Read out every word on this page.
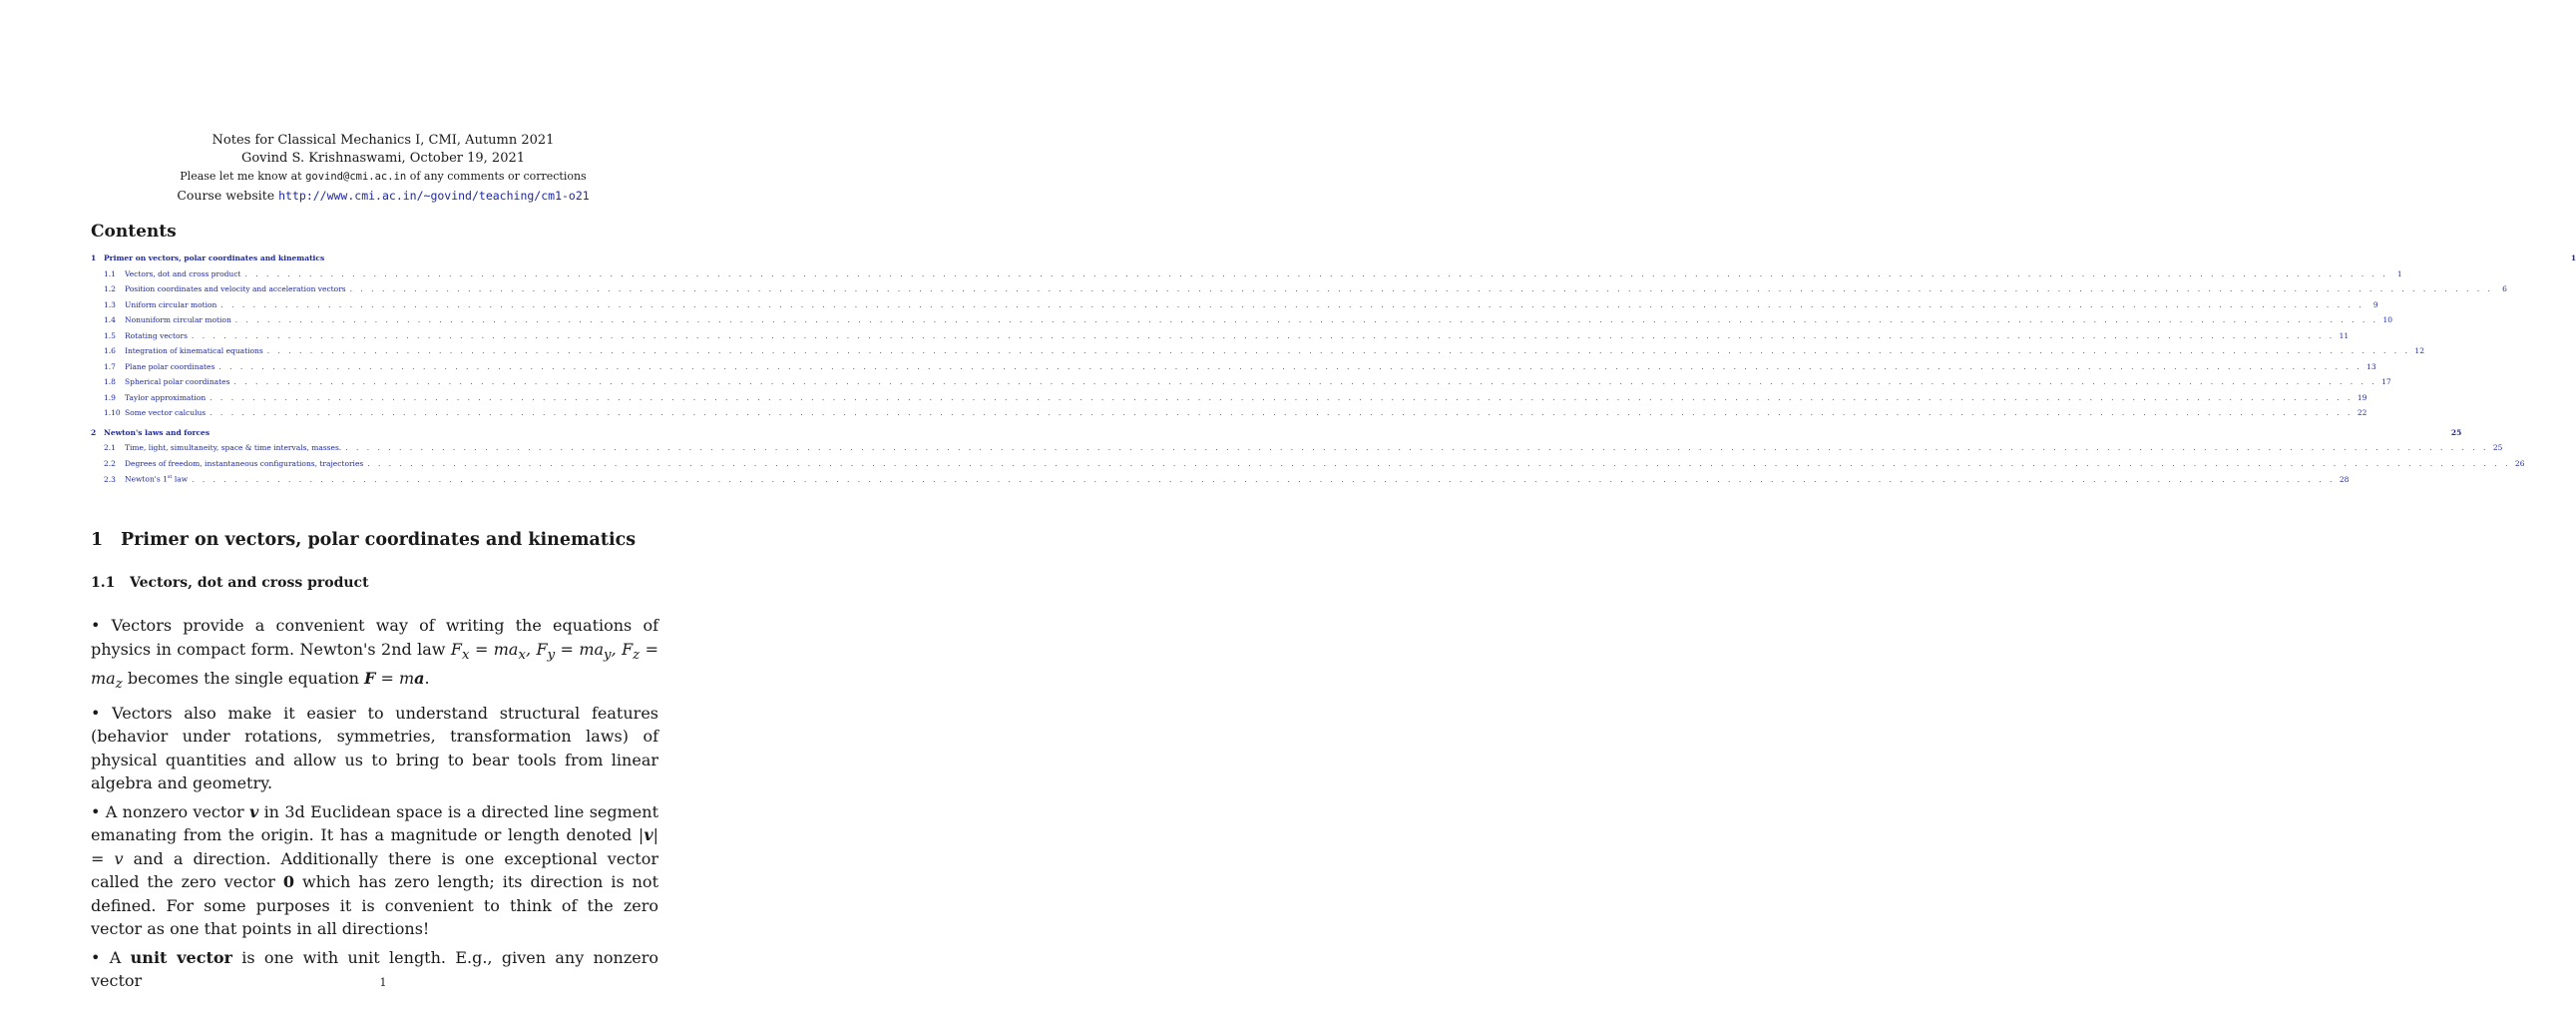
Notes for Classical Mechanics I, CMI, Autumn 2021
Govind S. Krishnaswami, October 19, 2021
Please let me know at govind@cmi.ac.in of any comments or corrections
Course website http://www.cmi.ac.in/~govind/teaching/cm1-o21
Contents
1	Primer on vectors, polar coordinates and kinematics	1
1.1	Vectors, dot and cross product . . . . . . . . . . . . . . . . . . . . . . . . . . . . . . . . . . . . . . . . . . . . . . . . . . . . . . . . . . . . . . . . . . . . . . . . . . . . . . . . . . . . . . . . . . . . . . . . . . . . . . . . . . . . . . . . . . . . . . . . . . . . . . . . . . . . . . . . . . . . . . . . . . . . . . . . . . . . . . . . . . . . . . . . . . . . . . . . . . . . . . . . . . . . . . . . . . . . . . . .	1
1.2	Position coordinates and velocity and acceleration vectors . . . . . . . . . . . . . . . . . . . . . . . . . . . . . . . . . . . . . . . . . . . . . . . . . . . . . . . . . . . . . . . . . . . . . . . . . . . . . . . . . . . . . . . . . . . . . . . . . . . . . . . . . . . . . . . . . . . . . . . . . . . . . . . . . . . . . . . . . . . . . . . . . . . . . . . . . . . . . . . . . . . . . . . . . . . . . . . . . . . . . . . . . . . . . . . . . . . . . . . .	6
1.3	Uniform circular motion . . . . . . . . . . . . . . . . . . . . . . . . . . . . . . . . . . . . . . . . . . . . . . . . . . . . . . . . . . . . . . . . . . . . . . . . . . . . . . . . . . . . . . . . . . . . . . . . . . . . . . . . . . . . . . . . . . . . . . . . . . . . . . . . . . . . . . . . . . . . . . . . . . . . . . . . . . . . . . . . . . . . . . . . . . . . . . . . . . . . . . . . . . . . . . . . . . . . . . . .	9
1.4	Nonuniform circular motion . . . . . . . . . . . . . . . . . . . . . . . . . . . . . . . . . . . . . . . . . . . . . . . . . . . . . . . . . . . . . . . . . . . . . . . . . . . . . . . . . . . . . . . . . . . . . . . . . . . . . . . . . . . . . . . . . . . . . . . . . . . . . . . . . . . . . . . . . . . . . . . . . . . . . . . . . . . . . . . . . . . . . . . . . . . . . . . . . . . . . . . . . . . . . . . . . . . . . . . . 10
1.5	Rotating vectors . . . . . . . . . . . . . . . . . . . . . . . . . . . . . . . . . . . . . . . . . . . . . . . . . . . . . . . . . . . . . . . . . . . . . . . . . . . . . . . . . . . . . . . . . . . . . . . . . . . . . . . . . . . . . . . . . . . . . . . . . . . . . . . . . . . . . . . . . . . . . . . . . . . . . . . . . . . . . . . . . . . . . . . . . . . . . . . . . . . . . . . . . . . . . . . . . . . . . . . . 11
1.6	Integration of kinematical equations . . . . . . . . . . . . . . . . . . . . . . . . . . . . . . . . . . . . . . . . . . . . . . . . . . . . . . . . . . . . . . . . . . . . . . . . . . . . . . . . . . . . . . . . . . . . . . . . . . . . . . . . . . . . . . . . . . . . . . . . . . . . . . . . . . . . . . . . . . . . . . . . . . . . . . . . . . . . . . . . . . . . . . . . . . . . . . . . . . . . . . . . . . . . . . . . . . . . . . . . 12
1.7	Plane polar coordinates . . . . . . . . . . . . . . . . . . . . . . . . . . . . . . . . . . . . . . . . . . . . . . . . . . . . . . . . . . . . . . . . . . . . . . . . . . . . . . . . . . . . . . . . . . . . . . . . . . . . . . . . . . . . . . . . . . . . . . . . . . . . . . . . . . . . . . . . . . . . . . . . . . . . . . . . . . . . . . . . . . . . . . . . . . . . . . . . . . . . . . . . . . . . . . . . . . . . . . . . 13
1.8	Spherical polar coordinates . . . . . . . . . . . . . . . . . . . . . . . . . . . . . . . . . . . . . . . . . . . . . . . . . . . . . . . . . . . . . . . . . . . . . . . . . . . . . . . . . . . . . . . . . . . . . . . . . . . . . . . . . . . . . . . . . . . . . . . . . . . . . . . . . . . . . . . . . . . . . . . . . . . . . . . . . . . . . . . . . . . . . . . . . . . . . . . . . . . . . . . . . . . . . . . . . . . . . . . . 17
1.9	Taylor approximation . . . . . . . . . . . . . . . . . . . . . . . . . . . . . . . . . . . . . . . . . . . . . . . . . . . . . . . . . . . . . . . . . . . . . . . . . . . . . . . . . . . . . . . . . . . . . . . . . . . . . . . . . . . . . . . . . . . . . . . . . . . . . . . . . . . . . . . . . . . . . . . . . . . . . . . . . . . . . . . . . . . . . . . . . . . . . . . . . . . . . . . . . . . . . . . . . . . . . . . . 19
1.10 Some vector calculus . . . . . . . . . . . . . . . . . . . . . . . . . . . . . . . . . . . . . . . . . . . . . . . . . . . . . . . . . . . . . . . . . . . . . . . . . . . . . . . . . . . . . . . . . . . . . . . . . . . . . . . . . . . . . . . . . . . . . . . . . . . . . . . . . . . . . . . . . . . . . . . . . . . . . . . . . . . . . . . . . . . . . . . . . . . . . . . . . . . . . . . . . . . . . . . . . . . . . . . . 22
2	Newton's laws and forces	25
2.1	Time, light, simultaneity, space & time intervals, masses. . . . . . . . . . . . . . . . . . . . . . . . . . . . . . . . . . . . . . . . . . . . . . . . . . . . . . . . . . . . . . . . . . . . . . . . . . . . . . . . . . . . . . . . . . . . . . . . . . . . . . . . . . . . . . . . . . . . . . . . . . . . . . . . . . . . . . . . . . . . . . . . . . . . . . . . . . . . . . . . . . . . . . . . . . . . . . . . . . . . . . . . . . . . . . . . . . . . . . . . . 25
2.2	Degrees of freedom, instantaneous configurations, trajectories . . . . . . . . . . . . . . . . . . . . . . . . . . . . . . . . . . . . . . . . . . . . . . . . . . . . . . . . . . . . . . . . . . . . . . . . . . . . . . . . . . . . . . . . . . . . . . . . . . . . . . . . . . . . . . . . . . . . . . . . . . . . . . . . . . . . . . . . . . . . . . . . . . . . . . . . . . . . . . . . . . . . . . . . . . . . . . . . . . . . . . . . . . . . . . . . . . . . . . . . 26
2.3	Newton's 1st law . . . . . . . . . . . . . . . . . . . . . . . . . . . . . . . . . . . . . . . . . . . . . . . . . . . . . . . . . . . . . . . . . . . . . . . . . . . . . . . . . . . . . . . . . . . . . . . . . . . . . . . . . . . . . . . . . . . . . . . . . . . . . . . . . . . . . . . . . . . . . . . . . . . . . . . . . . . . . . . . . . . . . . . . . . . . . . . . . . . . . . . . . . . . . . . . . . . . . . . . 28
1 Primer on vectors, polar coordinates and kinematics
1.1 Vectors, dot and cross product

• Vectors provide a convenient way of writing the equations of physics in compact form. Newton's 2nd law $F_x = ma_x$, $F_y = ma_y$, $F_z = ma_z$ becomes the single equation F = ma.

• Vectors also make it easier to understand structural features (behavior under rotations, symmetries, transformation laws) of physical quantities and allow us to bring to bear tools from linear algebra and geometry.

• A nonzero vector v in 3d Euclidean space is a directed line segment emanating from the origin. It has a magnitude or length denoted |v| = v and a direction. Additionally there is one exceptional vector called the zero vector 0 which has zero length; its direction is not defined. For some purposes it is convenient to think of the zero vector as one that points in all directions!

• A unit vector is one with unit length. E.g., given any nonzero vector	1
